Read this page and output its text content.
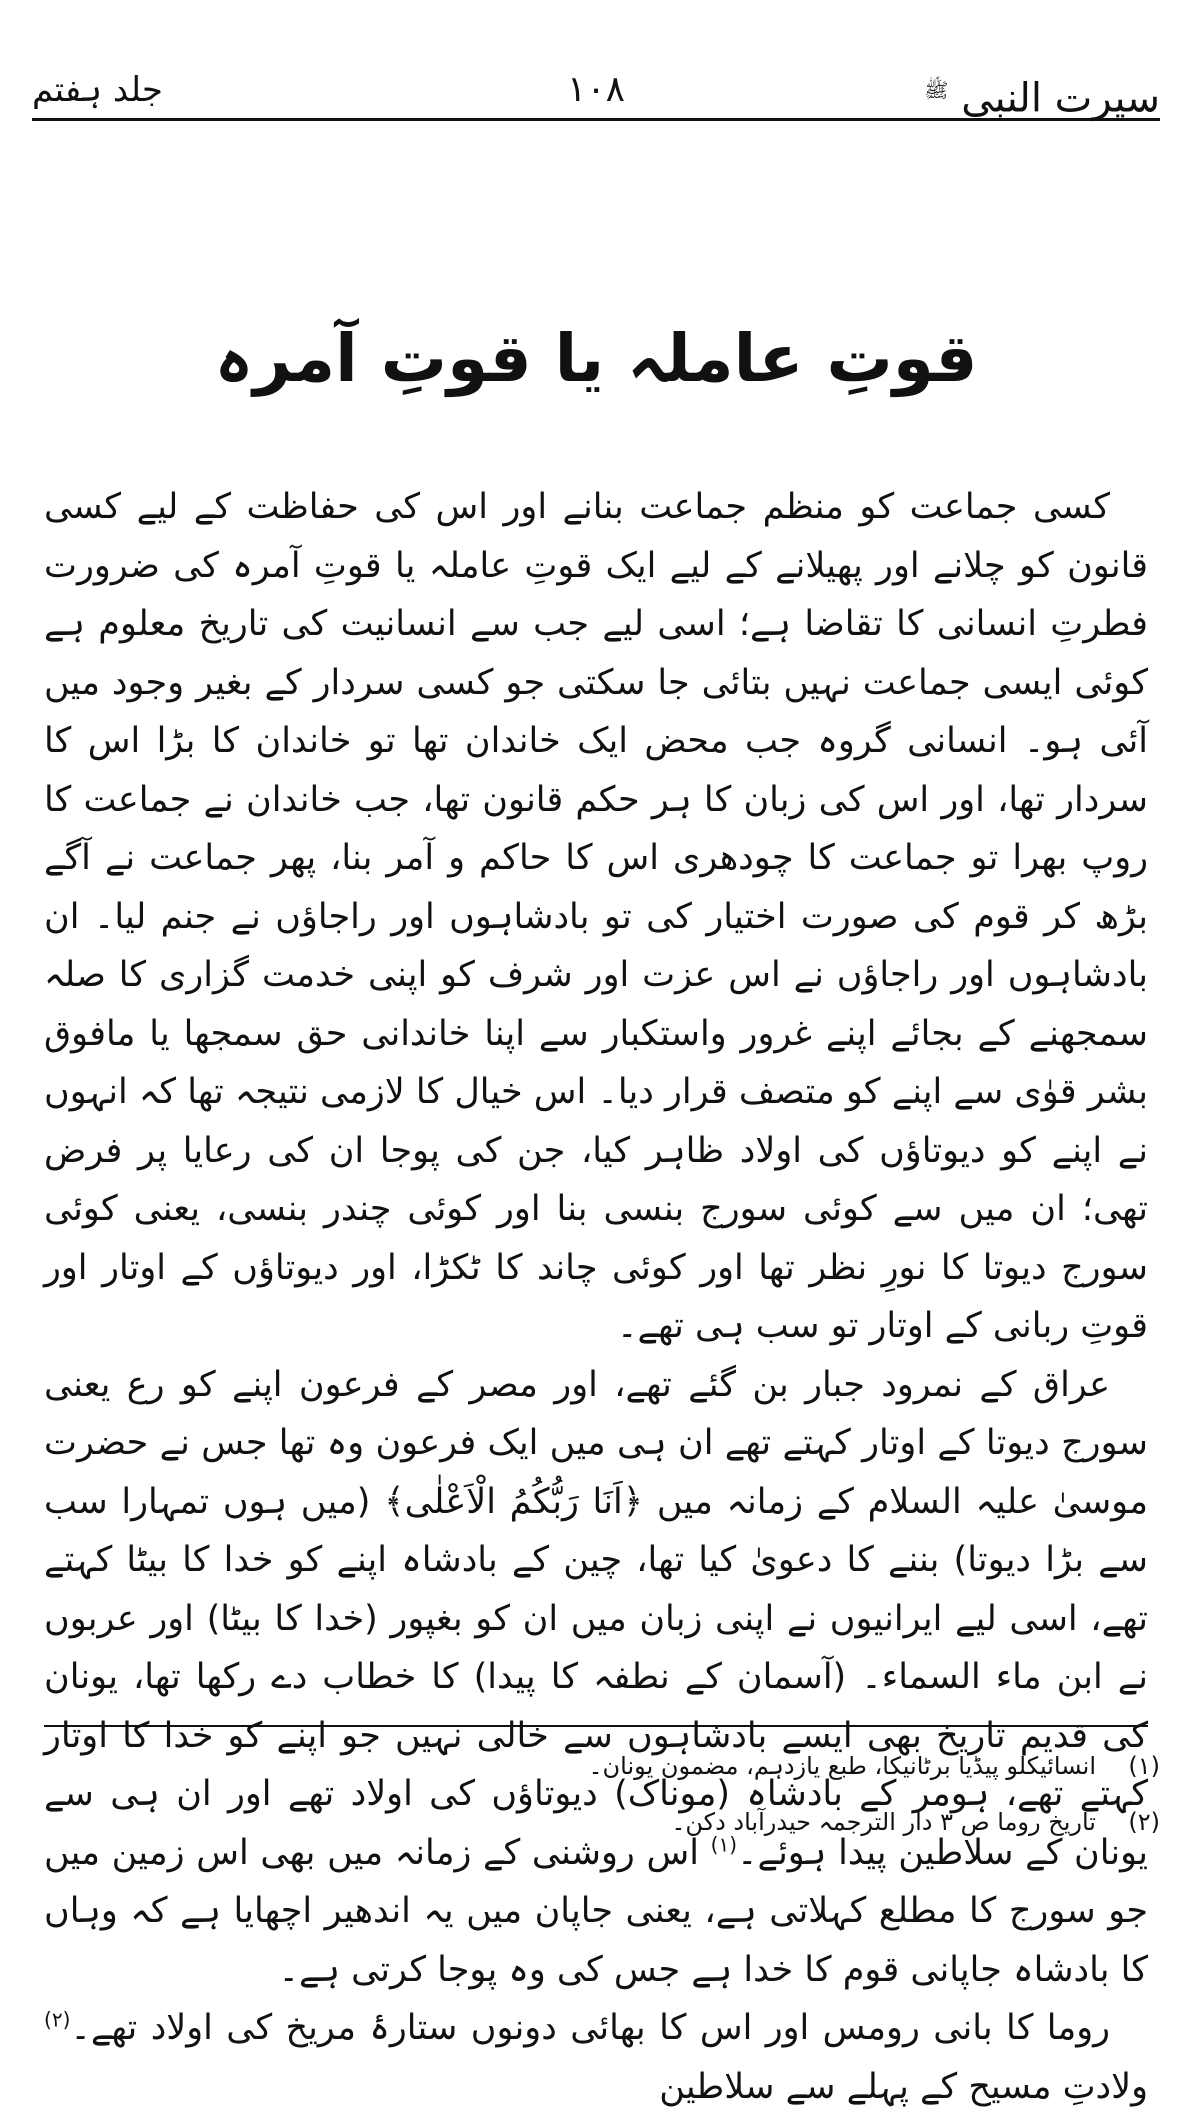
سیرت النبی $^ﷺ$
۱۰۸
جلد ہفتم
قوتِ عاملہ یا قوتِ آمرہ

کسی جماعت کو منظم جماعت بنانے اور اس کی حفاظت کے لیے کسی قانون کو چلانے اور پھیلانے کے لیے ایک قوتِ عاملہ یا قوتِ آمرہ کی ضرورت فطرتِ انسانی کا تقاضا ہے؛ اسی لیے جب سے انسانیت کی تاریخ معلوم ہے کوئی ایسی جماعت نہیں بتائی جا سکتی جو کسی سردار کے بغیر وجود میں آئی ہو۔ انسانی گروہ جب محض ایک خاندان تھا تو خاندان کا بڑا اس کا سردار تھا، اور اس کی زبان کا ہر حکم قانون تھا، جب خاندان نے جماعت کا روپ بھرا تو جماعت کا چودھری اس کا حاکم و آمر بنا، پھر جماعت نے آگے بڑھ کر قوم کی صورت اختیار کی تو بادشاہوں اور راجاؤں نے جنم لیا۔ ان بادشاہوں اور راجاؤں نے اس عزت اور شرف کو اپنی خدمت گزاری کا صلہ سمجھنے کے بجائے اپنے غرور واستکبار سے اپنا خاندانی حق سمجھا یا مافوق بشر قوٰی سے اپنے کو متصف قرار دیا۔ اس خیال کا لازمی نتیجہ تھا کہ انہوں نے اپنے کو دیوتاؤں کی اولاد ظاہر کیا، جن کی پوجا ان کی رعایا پر فرض تھی؛ ان میں سے کوئی سورج بنسی بنا اور کوئی چندر بنسی، یعنی کوئی سورج دیوتا کا نورِ نظر تھا اور کوئی چاند کا ٹکڑا، اور دیوتاؤں کے اوتار اور قوتِ ربانی کے اوتار تو سب ہی تھے۔

عراق کے نمرود جبار بن گئے تھے، اور مصر کے فرعون اپنے کو رع یعنی سورج دیوتا کے اوتار کہتے تھے ان ہی میں ایک فرعون وہ تھا جس نے حضرت موسیٰ علیہ السلام کے زمانہ میں ﴿اَنَا رَبُّکُمُ الْاَعْلٰی﴾ (میں ہوں تمہارا سب سے بڑا دیوتا) بننے کا دعویٰ کیا تھا، چین کے بادشاہ اپنے کو خدا کا بیٹا کہتے تھے، اسی لیے ایرانیوں نے اپنی زبان میں ان کو بغپور (خدا کا بیٹا) اور عربوں نے ابن ماء السماء۔ (آسمان کے نطفہ کا پیدا) کا خطاب دے رکھا تھا، یونان کی قدیم تاریخ بھی ایسے بادشاہوں سے خالی نہیں جو اپنے کو خدا کا اوتار کہتے تھے، ہومر کے بادشاہ (موناک) دیوتاؤں کی اولاد تھے اور ان ہی سے یونان کے سلاطین پیدا ہوئے۔$^{(۱)}$ اس روشنی کے زمانہ میں بھی اس زمین میں جو سورج کا مطلع کہلاتی ہے، یعنی جاپان میں یہ اندھیر اچھایا ہے کہ وہاں کا بادشاہ جاپانی قوم کا خدا ہے جس کی وہ پوجا کرتی ہے۔

روما کا بانی رومس اور اس کا بھائی دونوں ستارۂ مریخ کی اولاد تھے۔$^{(۲)}$ ولادتِ مسیح کے پہلے سے سلاطین

(۱)
انسائیکلو پیڈیا برٹانیکا، طبع یازدہم، مضمون یونان۔
(۲)
تاریخ روما ص ۳ دار الترجمہ حیدرآباد دکن۔
